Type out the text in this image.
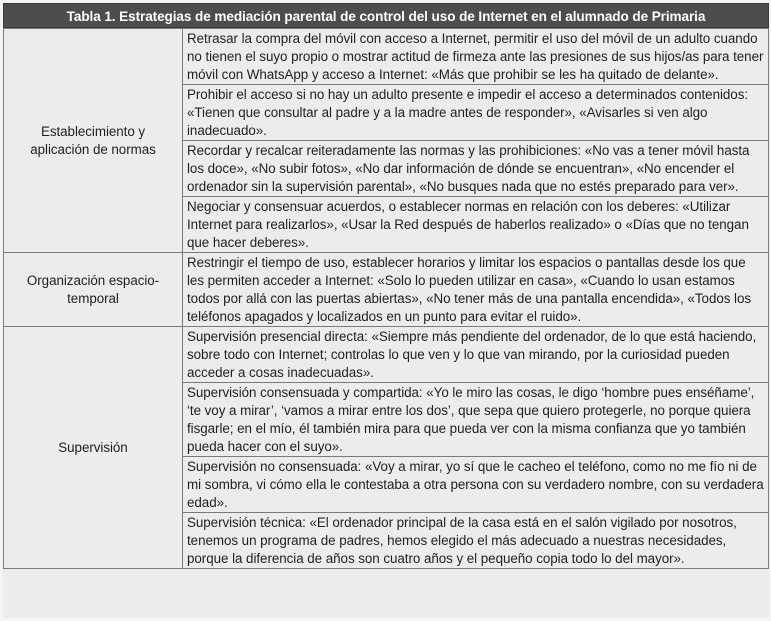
Tabla 1. Estrategias de mediación parental de control del uso de Internet en el alumnado de Primaria
Establecimiento y aplicación de normas	Retrasar la compra del móvil con acceso a Internet, permitir el uso del móvil de un adulto cuando no tienen el suyo propio o mostrar actitud de firmeza ante las presiones de sus hijos/as para tener móvil con WhatsApp y acceso a Internet: «Más que prohibir se les ha quitado de delante».
	Prohibir el acceso si no hay un adulto presente e impedir el acceso a determinados contenidos: «Tienen que consultar al padre y a la madre antes de responder», «Avisarles si ven algo inadecuado».
	Recordar y recalcar reiteradamente las normas y las prohibiciones: «No vas a tener móvil hasta los doce», «No subir fotos», «No dar información de dónde se encuentran», «No encender el ordenador sin la supervisión parental», «No busques nada que no estés preparado para ver».
	Negociar y consensuar acuerdos, o establecer normas en relación con los deberes: «Utilizar Internet para realizarlos», «Usar la Red después de haberlos realizado» o «Días que no tengan que hacer deberes».
Organización espacio-temporal	Restringir el tiempo de uso, establecer horarios y limitar los espacios o pantallas desde los que les permiten acceder a Internet: «Solo lo pueden utilizar en casa», «Cuando lo usan estamos todos por allá con las puertas abiertas», «No tener más de una pantalla encendida», «Todos los teléfonos apagados y localizados en un punto para evitar el ruido».
Supervisión	Supervisión presencial directa: «Siempre más pendiente del ordenador, de lo que está haciendo, sobre todo con Internet; controlas lo que ven y lo que van mirando, por la curiosidad pueden acceder a cosas inadecuadas».
	Supervisión consensuada y compartida: «Yo le miro las cosas, le digo ‘hombre pues enséñame’, ‘te voy a mirar’, ‘vamos a mirar entre los dos’, que sepa que quiero protegerle, no porque quiera fisgarle; en el mío, él también mira para que pueda ver con la misma confianza que yo también pueda hacer con el suyo».
	Supervisión no consensuada: «Voy a mirar, yo sí que le cacheo el teléfono, como no me fío ni de mi sombra, vi cómo ella le contestaba a otra persona con su verdadero nombre, con su verdadera edad».
	Supervisión técnica: «El ordenador principal de la casa está en el salón vigilado por nosotros, tenemos un programa de padres, hemos elegido el más adecuado a nuestras necesidades, porque la diferencia de años son cuatro años y el pequeño copia todo lo del mayor».
